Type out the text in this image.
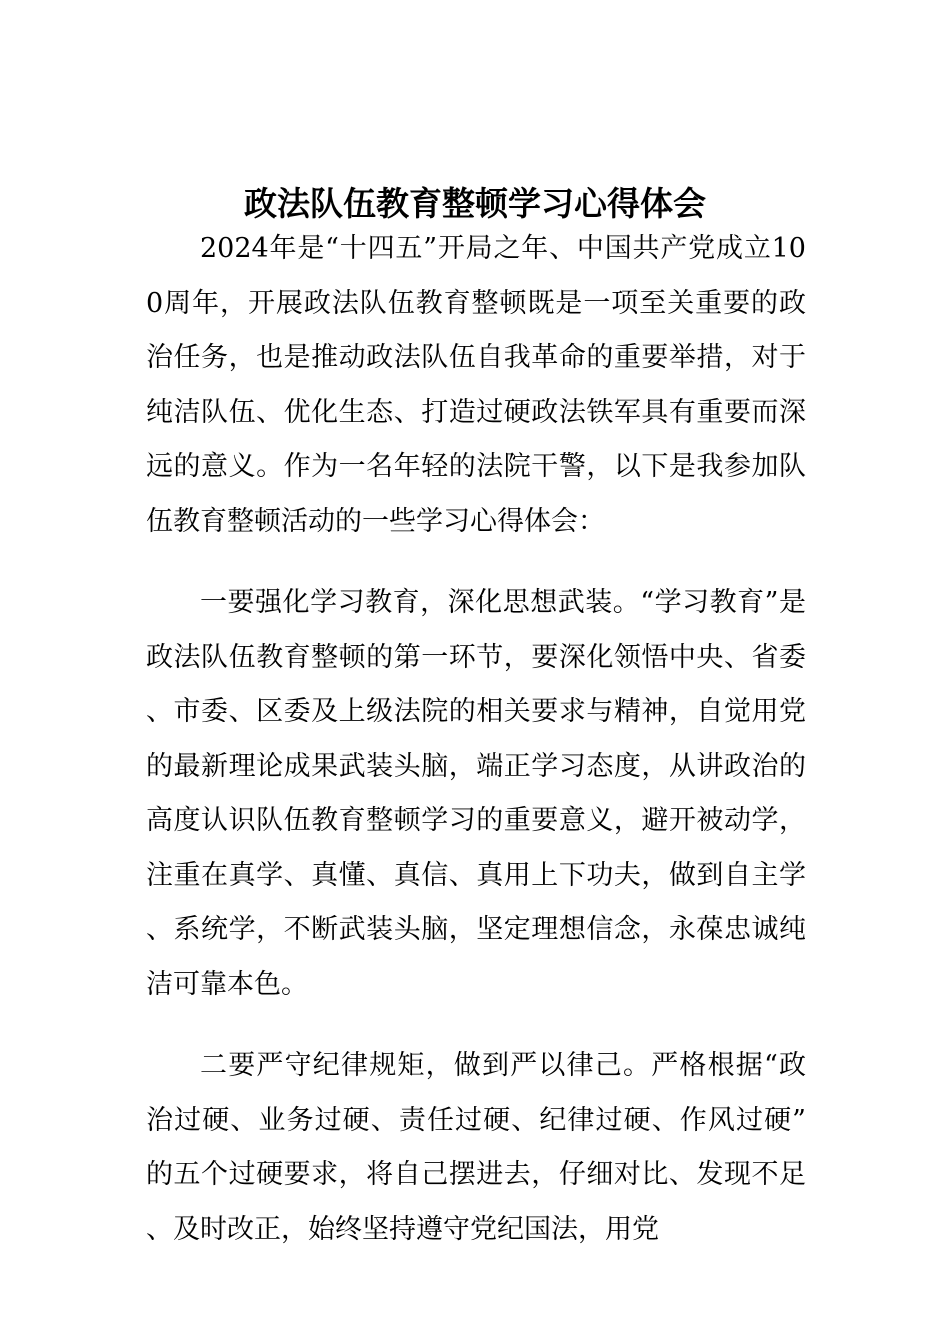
政法队伍教育整顿学习心得体会

2024年是“十四五”开局之年、中国共产党成立100周年，开展政法队伍教育整顿既是一项至关重要的政治任务，也是推动政法队伍自我革命的重要举措，对于纯洁队伍、优化生态、打造过硬政法铁军具有重要而深远的意义。作为一名年轻的法院干警，以下是我参加队伍教育整顿活动的一些学习心得体会：

一要强化学习教育，深化思想武装。“学习教育”是政法队伍教育整顿的第一环节，要深化领悟中央、省委、市委、区委及上级法院的相关要求与精神，自觉用党的最新理论成果武装头脑，端正学习态度，从讲政治的高度认识队伍教育整顿学习的重要意义，避开被动学，注重在真学、真懂、真信、真用上下功夫，做到自主学、系统学，不断武装头脑，坚定理想信念，永葆忠诚纯洁可靠本色。

二要严守纪律规矩，做到严以律己。严格根据“政治过硬、业务过硬、责任过硬、纪律过硬、作风过硬”的五个过硬要求，将自己摆进去，仔细对比、发现不足、及时改正，始终坚持遵守党纪国法，用党
